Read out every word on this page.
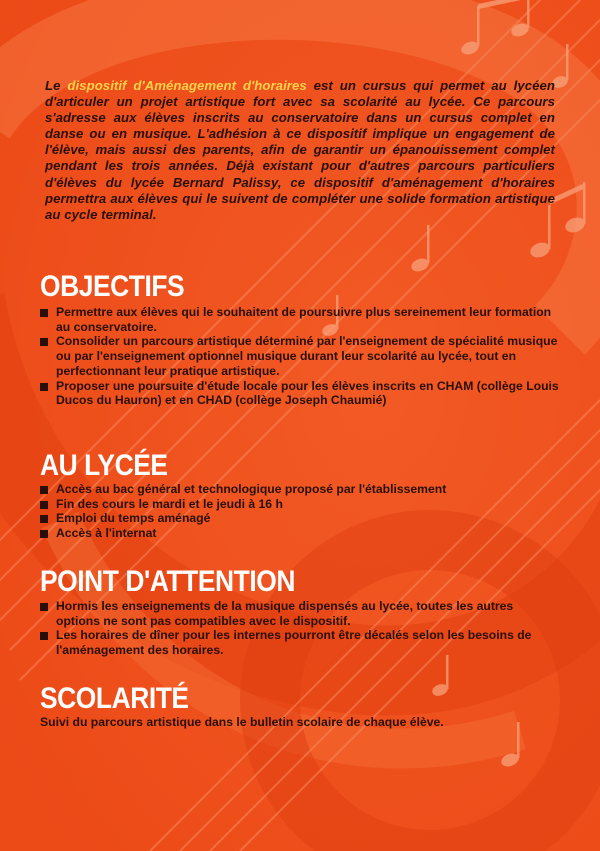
Le dispositif d'Aménagement d'horaires est un cursus qui permet au lycéen d'articuler un projet artistique fort avec sa scolarité au lycée. Ce parcours s'adresse aux élèves inscrits au conservatoire dans un cursus complet en danse ou en musique. L'adhésion à ce dispositif implique un engagement de l'élève, mais aussi des parents, afin de garantir un épanouissement complet pendant les trois années. Déjà existant pour d'autres parcours particuliers d'élèves du lycée Bernard Palissy, ce dispositif d'aménagement d'horaires permettra aux élèves qui le suivent de compléter une solide formation artistique au cycle terminal.

OBJECTIFS
Permettre aux élèves qui le souhaitent de poursuivre plus sereinement leur formation au conservatoire.
Consolider un parcours artistique déterminé par l'enseignement de spécialité musique ou par l'enseignement optionnel musique durant leur scolarité au lycée, tout en perfectionnant leur pratique artistique.
Proposer une poursuite d'étude locale pour les élèves inscrits en CHAM (collège Louis Ducos du Hauron) et en CHAD (collège Joseph Chaumié)
AU LYCÉE
Accès au bac général et technologique proposé par l'établissement
Fin des cours le mardi et le jeudi à 16 h
Emploi du temps aménagé
Accès à l'internat
POINT D'ATTENTION
Hormis les enseignements de la musique dispensés au lycée, toutes les autres options ne sont pas compatibles avec le dispositif.
Les horaires de dîner pour les internes pourront être décalés selon les besoins de l'aménagement des horaires.
SCOLARITÉ

Suivi du parcours artistique dans le bulletin scolaire de chaque élève.
